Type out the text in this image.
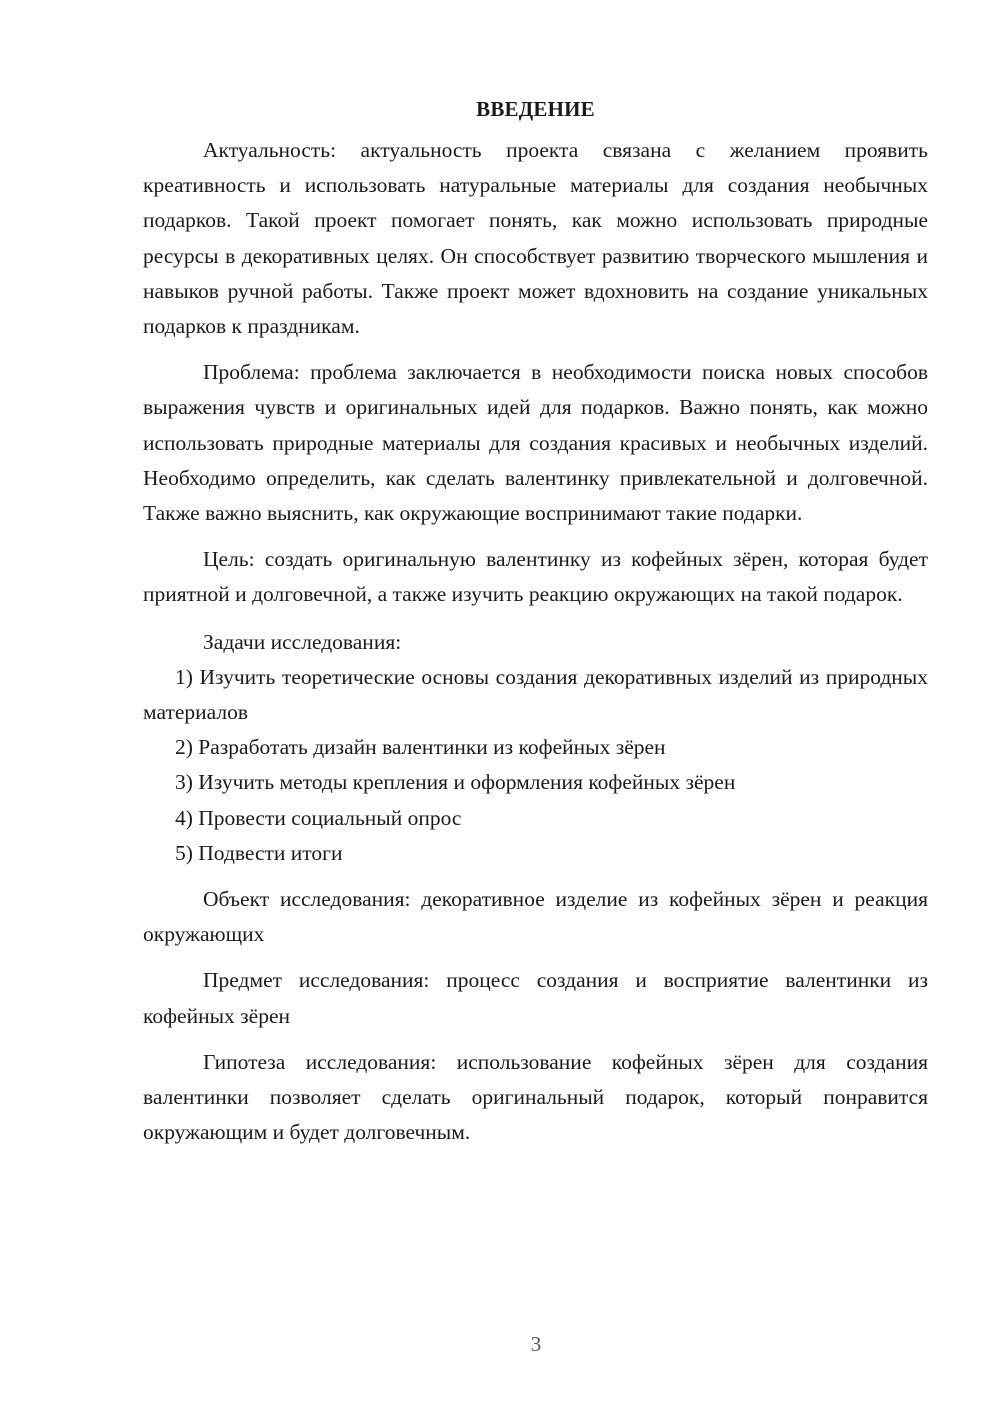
ВВЕДЕНИЕ

Актуальность: актуальность проекта связана с желанием проявить креативность и использовать натуральные материалы для создания необычных подарков. Такой проект помогает понять, как можно использовать природные ресурсы в декоративных целях. Он способствует развитию творческого мышления и навыков ручной работы. Также проект может вдохновить на создание уникальных подарков к праздникам.

Проблема: проблема заключается в необходимости поиска новых способов выражения чувств и оригинальных идей для подарков. Важно понять, как можно использовать природные материалы для создания красивых и необычных изделий. Необходимо определить, как сделать валентинку привлекательной и долговечной. Также важно выяснить, как окружающие воспринимают такие подарки.

Цель: создать оригинальную валентинку из кофейных зёрен, которая будет приятной и долговечной, а также изучить реакцию окружающих на такой подарок.

Задачи исследования:

1) Изучить теоретические основы создания декоративных изделий из природных материалов

2) Разработать дизайн валентинки из кофейных зёрен

3) Изучить методы крепления и оформления кофейных зёрен

4) Провести социальный опрос

5) Подвести итоги

Объект исследования: декоративное изделие из кофейных зёрен и реакция окружающих

Предмет исследования: процесс создания и восприятие валентинки из кофейных зёрен

Гипотеза исследования: использование кофейных зёрен для создания валентинки позволяет сделать оригинальный подарок, который понравится окружающим и будет долговечным.

3
